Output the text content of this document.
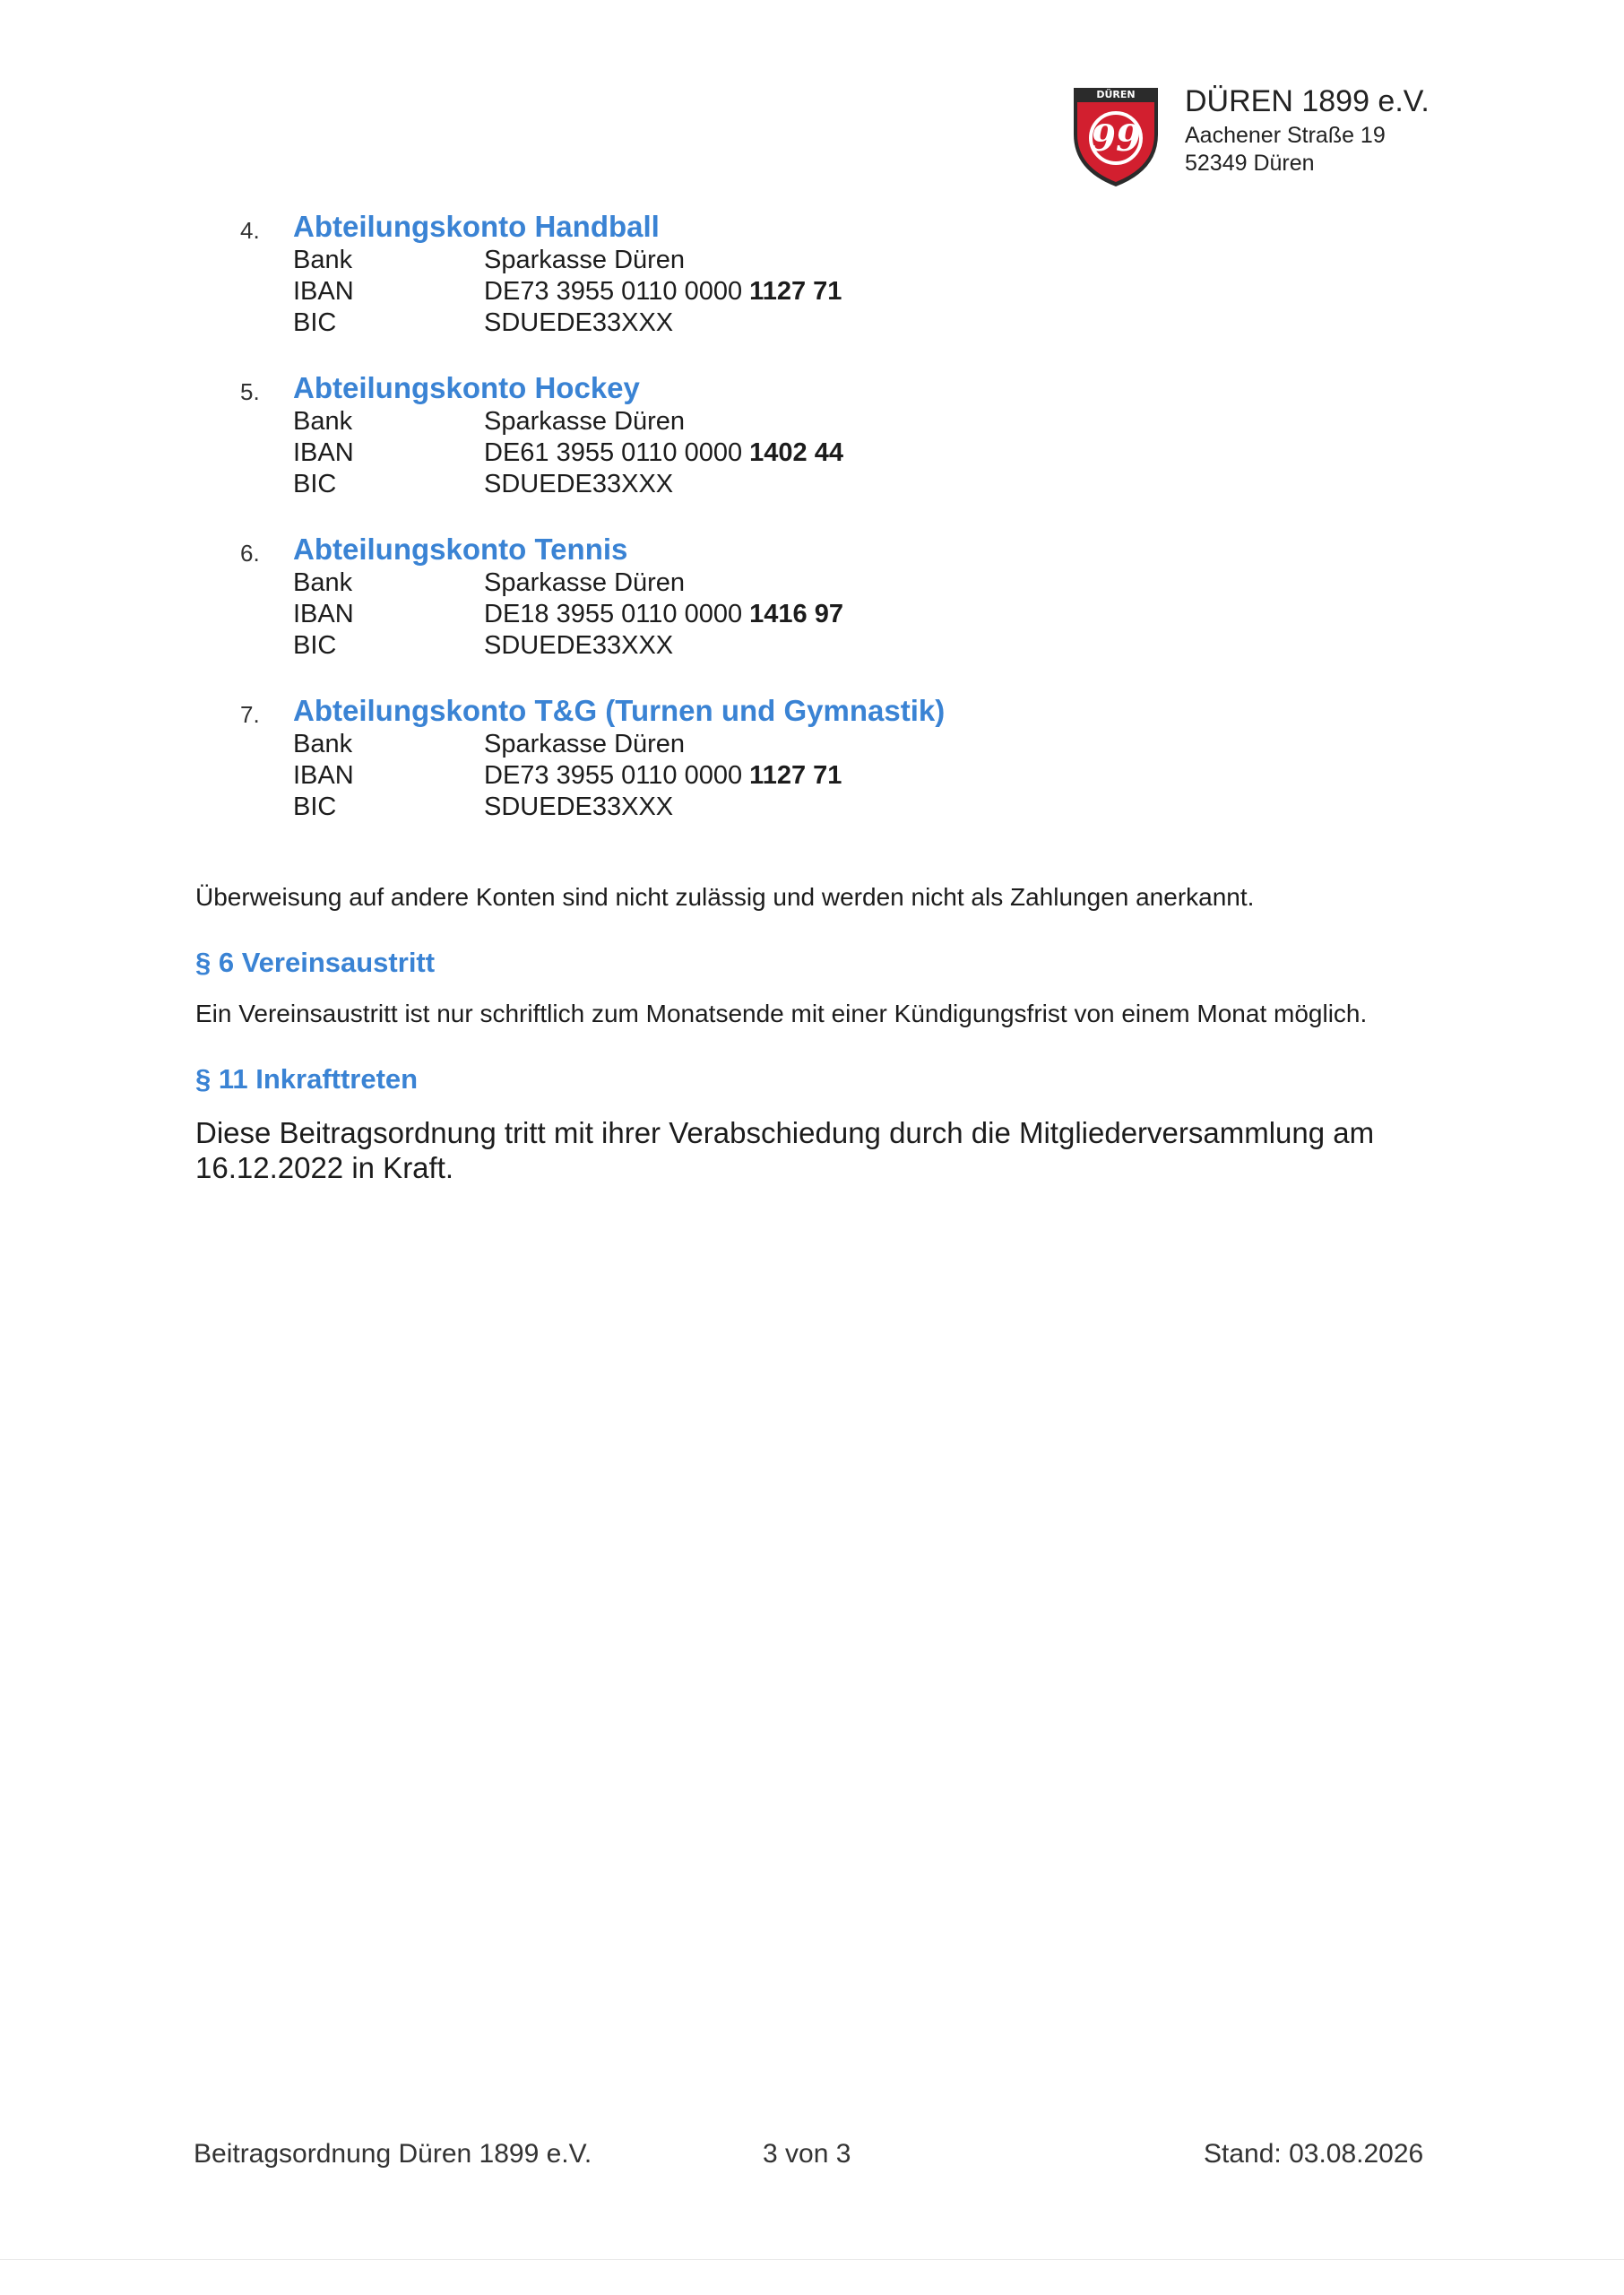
DÜREN
99
DÜREN 1899 e.V.
Aachener Straße 19
52349 Düren
4. Abteilungskonto Handball
Bank	Sparkasse Düren
IBAN	DE73 3955 0110 0000 1127 71
BIC	SDUEDE33XXX
5. Abteilungskonto Hockey
Bank	Sparkasse Düren
IBAN	DE61 3955 0110 0000 1402 44
BIC	SDUEDE33XXX
6. Abteilungskonto Tennis
Bank	Sparkasse Düren
IBAN	DE18 3955 0110 0000 1416 97
BIC	SDUEDE33XXX
7. Abteilungskonto T&G (Turnen und Gymnastik)
Bank	Sparkasse Düren
IBAN	DE73 3955 0110 0000 1127 71
BIC	SDUEDE33XXX
Überweisung auf andere Konten sind nicht zulässig und werden nicht als Zahlungen anerkannt.
§ 6 Vereinsaustritt
Ein Vereinsaustritt ist nur schriftlich zum Monatsende mit einer Kündigungsfrist von einem Monat möglich.
§ 11 Inkrafttreten
Diese Beitragsordnung tritt mit ihrer Verabschiedung durch die Mitgliederversammlung am 16.12.2022 in Kraft.
Beitragsordnung Düren 1899 e.V.	3 von 3	Stand: 03.08.2026
